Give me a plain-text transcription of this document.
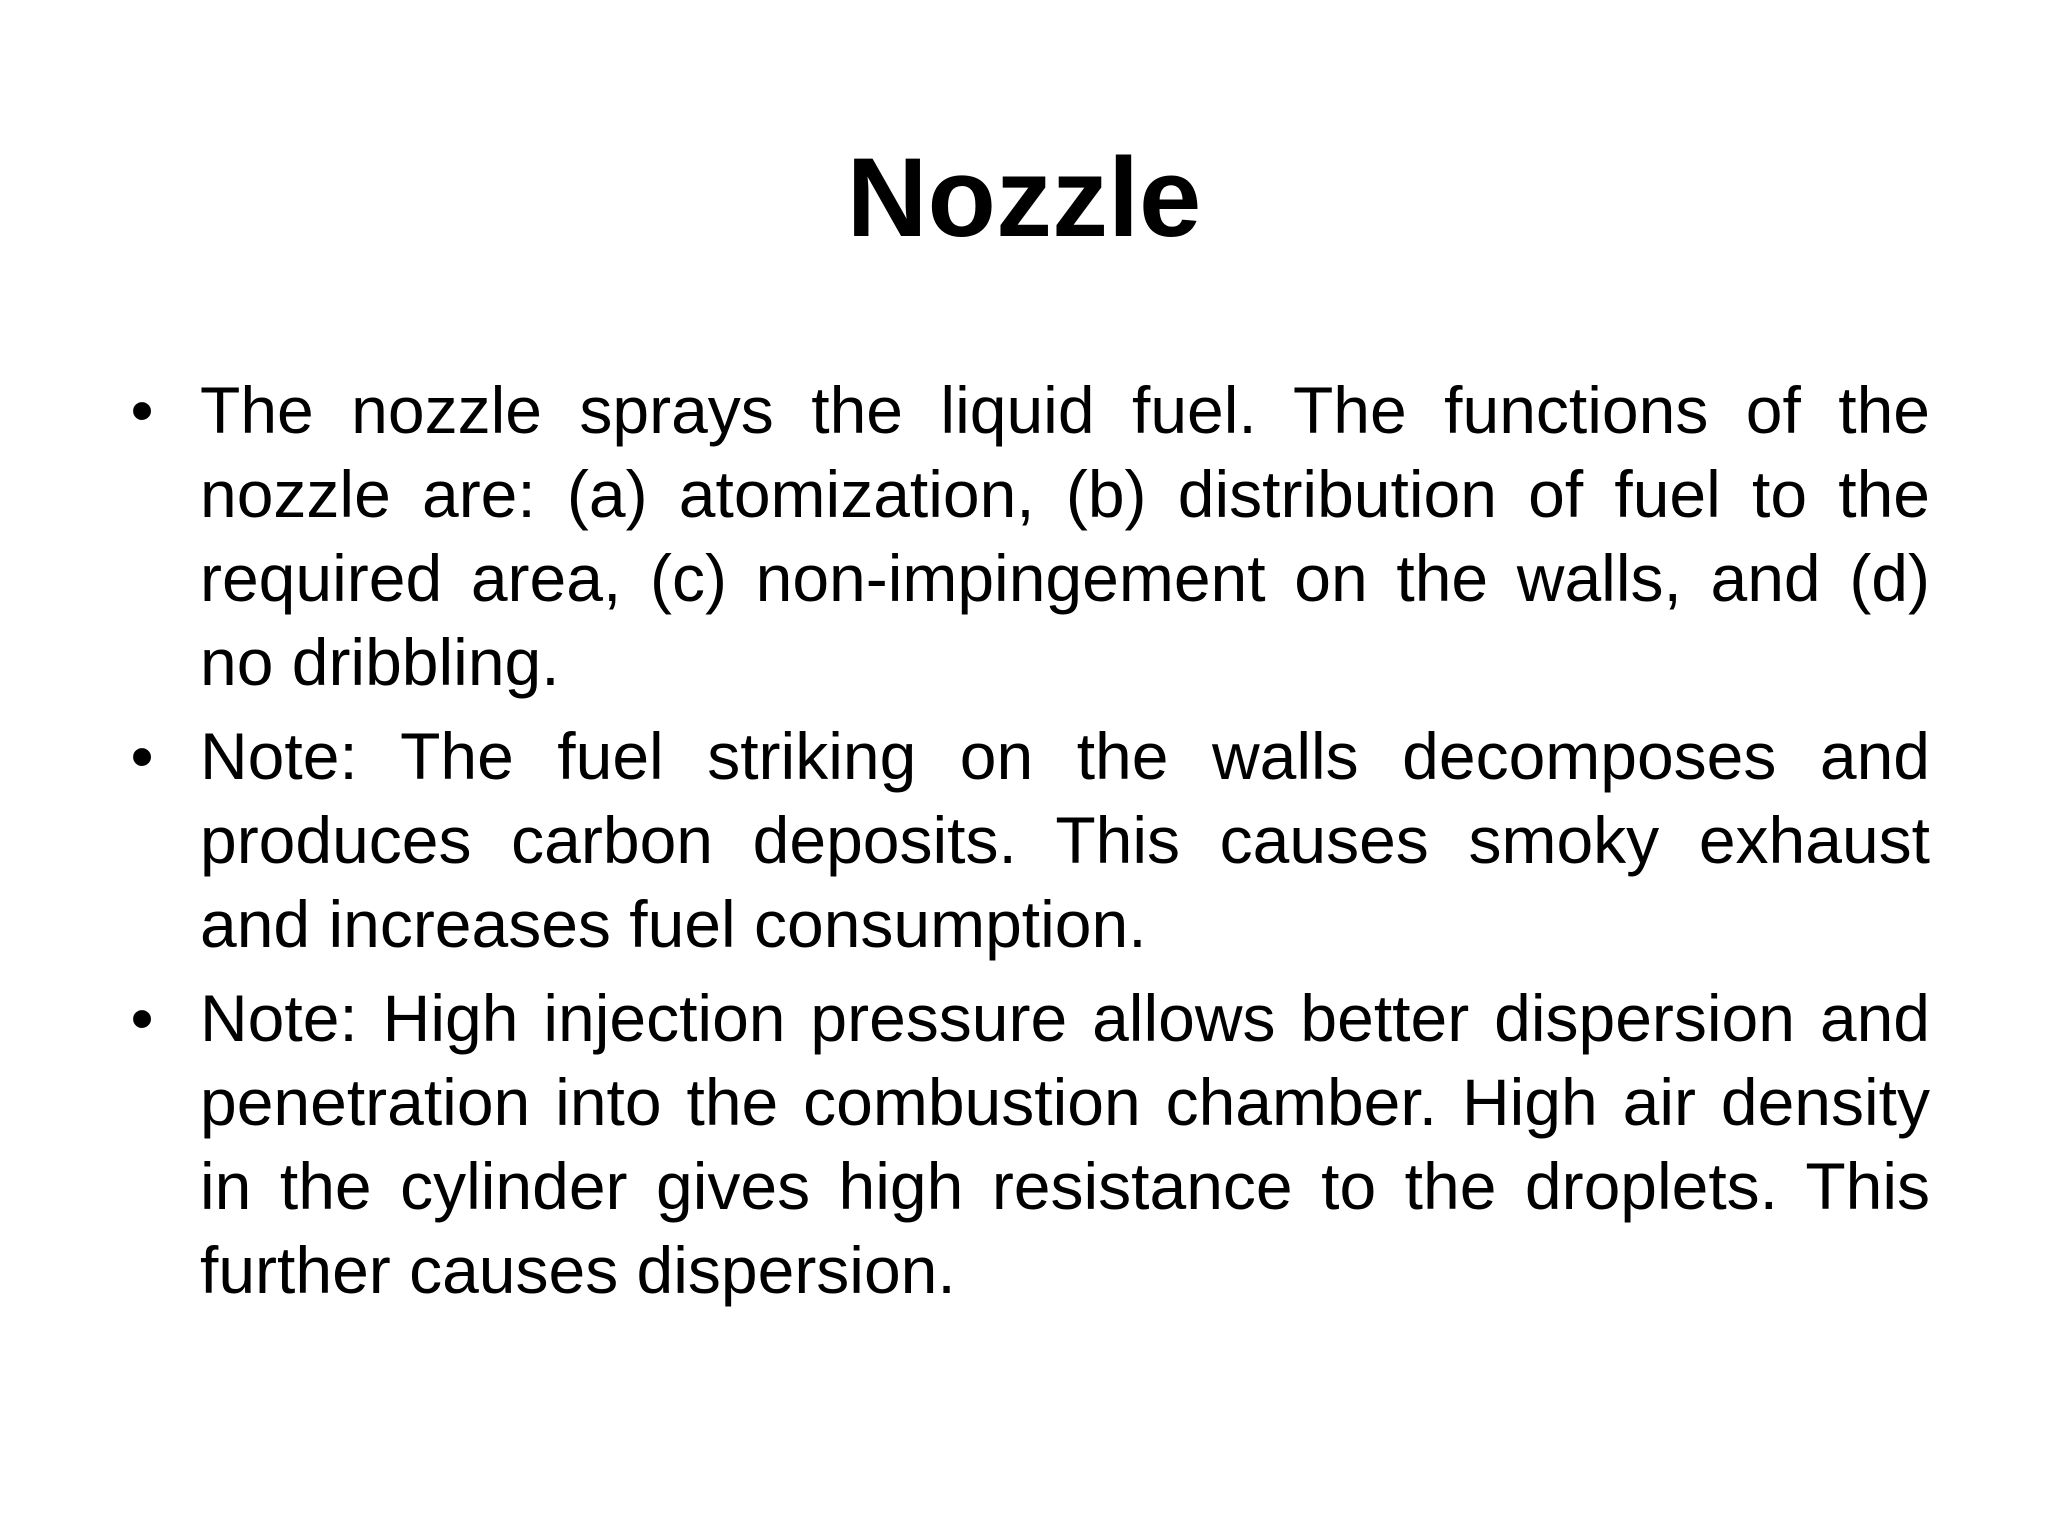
Nozzle
• The nozzle sprays the liquid fuel. The functions of the nozzle are: (a) atomization, (b) distribution of fuel to the required area, (c) non-impingement on the walls, and (d) no dribbling.
• Note: The fuel striking on the walls decomposes and produces carbon deposits. This causes smoky exhaust and increases fuel consumption.
• Note: High injection pressure allows better dispersion and penetration into the combustion chamber. High air density in the cylinder gives high resistance to the droplets. This further causes dispersion.
